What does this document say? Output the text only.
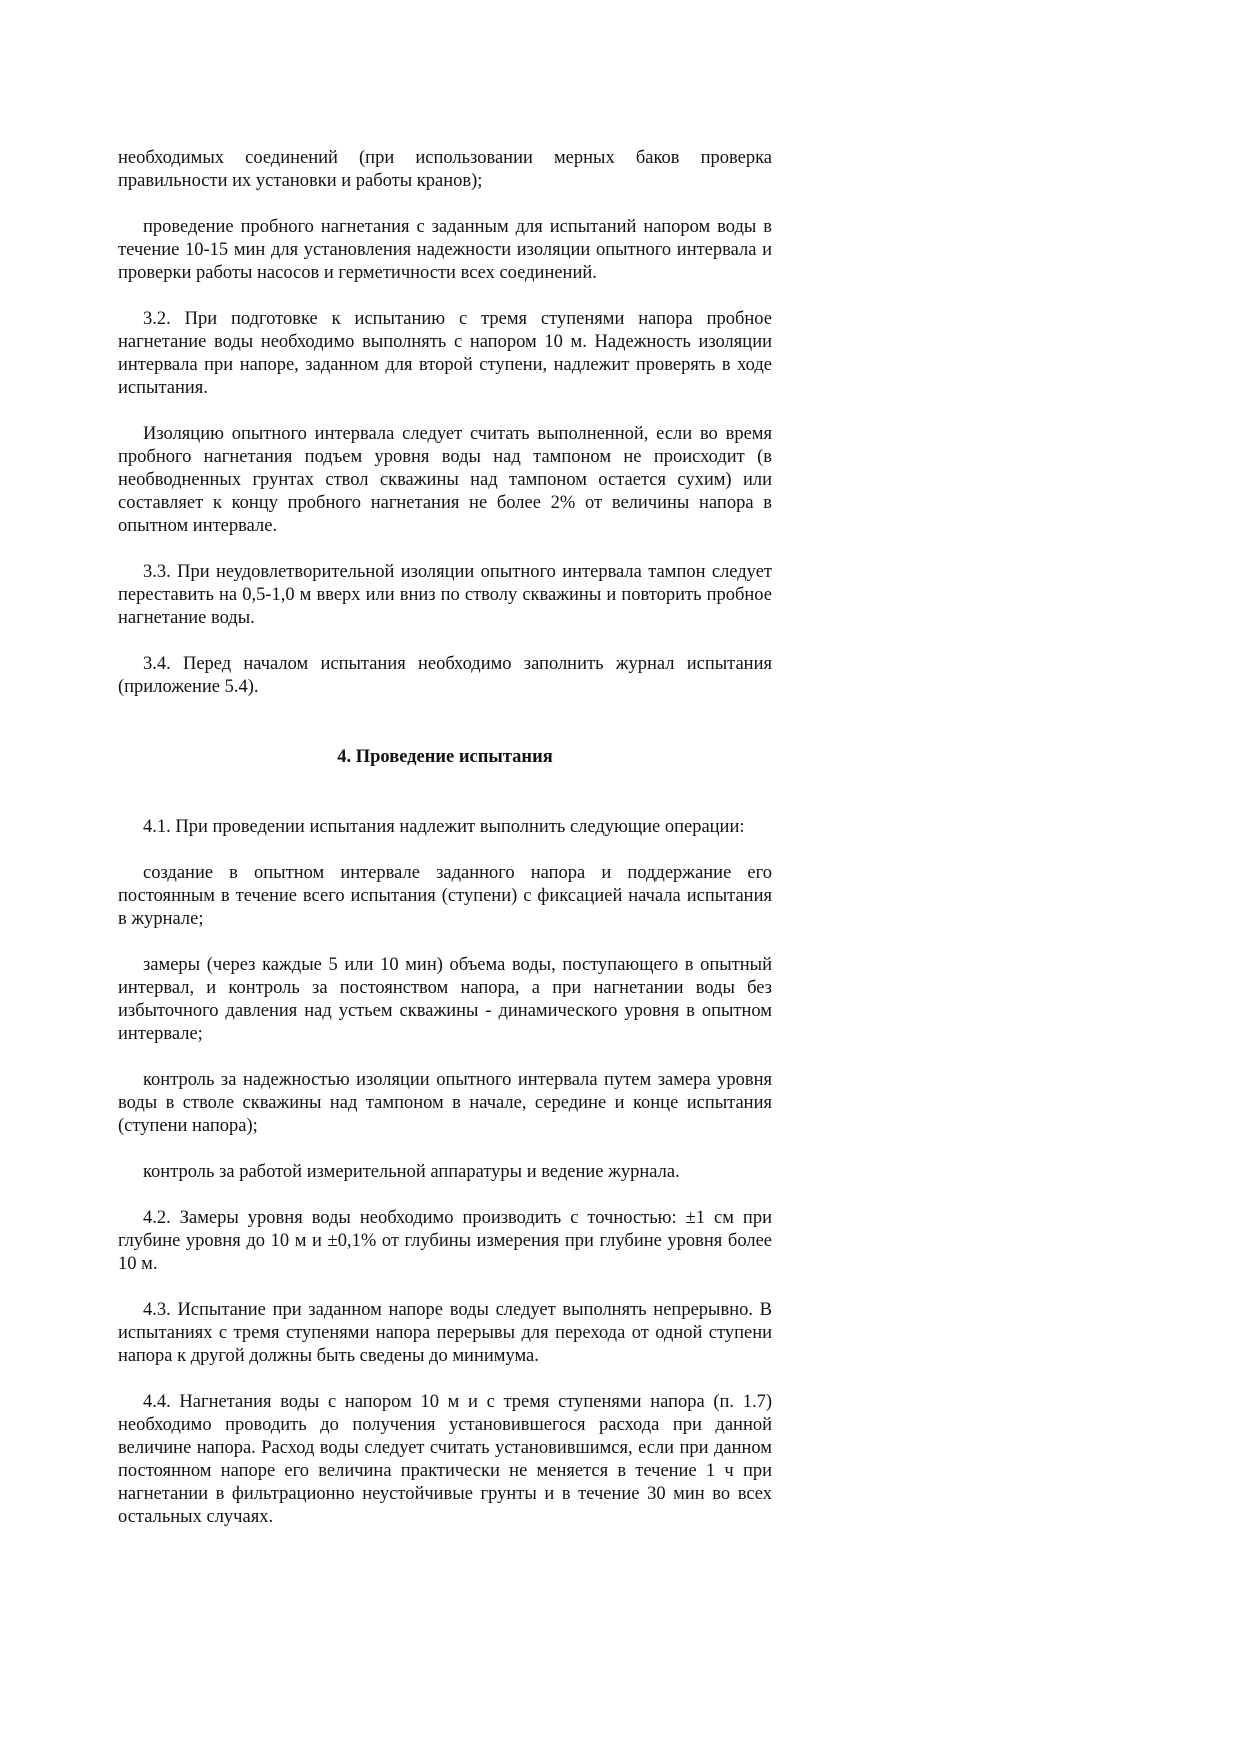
необходимых соединений (при использовании мерных баков проверка правильности их установки и работы кранов);

проведение пробного нагнетания с заданным для испытаний напором воды в течение 10-15 мин для установления надежности изоляции опытного интервала и проверки работы насосов и герметичности всех соединений.

3.2. При подготовке к испытанию с тремя ступенями напора пробное нагнетание воды необходимо выполнять с напором 10 м. Надежность изоляции интервала при напоре, заданном для второй ступени, надлежит проверять в ходе испытания.

Изоляцию опытного интервала следует считать выполненной, если во время пробного нагнетания подъем уровня воды над тампоном не происходит (в необводненных грунтах ствол скважины над тампоном остается сухим) или составляет к концу пробного нагнетания не более 2% от величины напора в опытном интервале.

3.3. При неудовлетворительной изоляции опытного интервала тампон следует переставить на 0,5-1,0 м вверх или вниз по стволу скважины и повторить пробное нагнетание воды.

3.4. Перед началом испытания необходимо заполнить журнал испытания (приложение 5.4).

4. Проведение испытания

4.1. При проведении испытания надлежит выполнить следующие операции:

создание в опытном интервале заданного напора и поддержание его постоянным в течение всего испытания (ступени) с фиксацией начала испытания в журнале;

замеры (через каждые 5 или 10 мин) объема воды, поступающего в опытный интервал, и контроль за постоянством напора, а при нагнетании воды без избыточного давления над устьем скважины - динамического уровня в опытном интервале;

контроль за надежностью изоляции опытного интервала путем замера уровня воды в стволе скважины над тампоном в начале, середине и конце испытания (ступени напора);

контроль за работой измерительной аппаратуры и ведение журнала.

4.2. Замеры уровня воды необходимо производить с точностью: ±1 см при глубине уровня до 10 м и ±0,1% от глубины измерения при глубине уровня более 10 м.

4.3. Испытание при заданном напоре воды следует выполнять непрерывно. В испытаниях с тремя ступенями напора перерывы для перехода от одной ступени напора к другой должны быть сведены до минимума.

4.4. Нагнетания воды с напором 10 м и с тремя ступенями напора (п. 1.7) необходимо проводить до получения установившегося расхода при данной величине напора. Расход воды следует считать установившимся, если при данном постоянном напоре его величина практически не меняется в течение 1 ч при нагнетании в фильтрационно неустойчивые грунты и в течение 30 мин во всех остальных случаях.
